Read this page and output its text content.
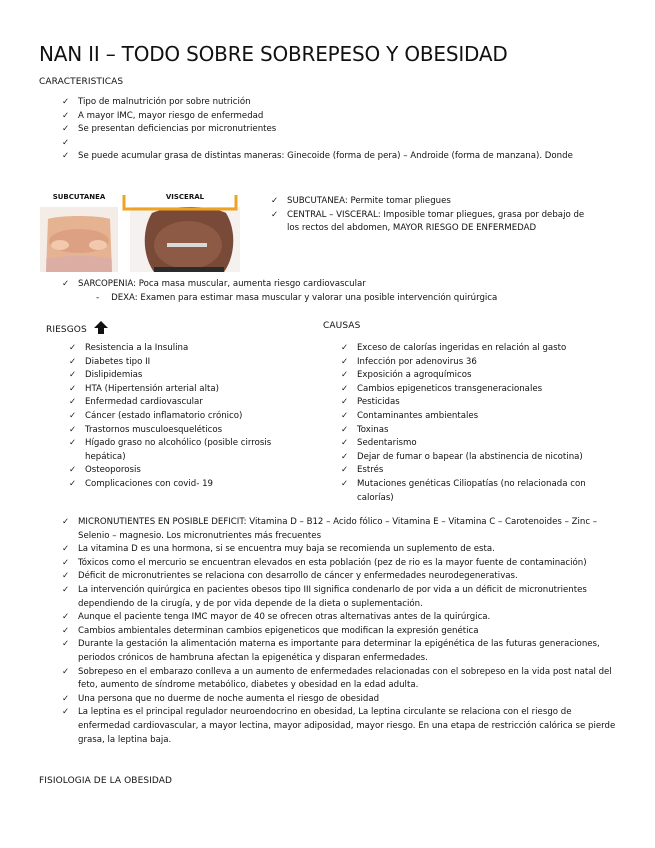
NAN II – TODO SOBRE SOBREPESO Y OBESIDAD
CARACTERISTICAS
✓ Tipo de malnutrición por sobre nutrición
✓ A mayor IMC, mayor riesgo de enfermedad
✓ Se presentan deficiencias por micronutrientes
✓
✓ Se puede acumular grasa de distintas maneras: Ginecoide (forma de pera) – Androide (forma de manzana). Donde
SUBCUTANEA	VISCERAL	✓ SUBCUTANEA: Permite tomar pliegues
✓ CENTRAL – VISCERAL: Imposible tomar pliegues, grasa por debajo de los rectos del abdomen, MAYOR RIESGO DE ENFERMEDAD
✓ SARCOPENIA: Poca masa muscular, aumenta riesgo cardiovascular
- DEXA: Examen para estimar masa muscular y valorar una posible intervención quirúrgica
RIESGOS	CAUSAS
✓ Resistencia a la Insulina
✓ Diabetes tipo II
✓ Dislipidemias
✓ HTA (Hipertensión arterial alta)
✓ Enfermedad cardiovascular
✓ Cáncer (estado inflamatorio crónico)
✓ Trastornos musculoesqueléticos
✓ Hígado graso no alcohólico (posible cirrosis hepática)
✓ Osteoporosis
✓ Complicaciones con covid- 19
✓ Exceso de calorías ingeridas en relación al gasto
✓ Infección por adenovirus 36
✓ Exposición a agroquímicos
✓ Cambios epigeneticos transgeneracionales
✓ Pesticidas
✓ Contaminantes ambientales
✓ Toxinas
✓ Sedentarismo
✓ Dejar de fumar o bapear (la abstinencia de nicotina)
✓ Estrés
✓ Mutaciones genéticas Ciliopatías (no relacionada con calorías)
✓ MICRONUTIENTES EN POSIBLE DEFICIT: Vitamina D – B12 – Acido fólico – Vitamina E – Vitamina C – Carotenoides – Zinc – Selenio – magnesio. Los micronutrientes más frecuentes
✓ La vitamina D es una hormona, si se encuentra muy baja se recomienda un suplemento de esta.
✓ Tóxicos como el mercurio se encuentran elevados en esta población (pez de rio es la mayor fuente de contaminación)
✓ Déficit de micronutrientes se relaciona con desarrollo de cáncer y enfermedades neurodegenerativas.
✓ La intervención quirúrgica en pacientes obesos tipo III significa condenarlo de por vida a un déficit de micronutrientes dependiendo de la cirugía, y de por vida depende de la dieta o suplementación.
✓ Aunque el paciente tenga IMC mayor de 40 se ofrecen otras alternativas antes de la quirúrgica.
✓ Cambios ambientales determinan cambios epigeneticos que modifican la expresión genética
✓ Durante la gestación la alimentación materna es importante para determinar la epigénética de las futuras generaciones, periodos crónicos de hambruna afectan la epigenética y disparan enfermedades.
✓ Sobrepeso en el embarazo conlleva a un aumento de enfermedades relacionadas con el sobrepeso en la vida post natal del feto, aumento de síndrome metabólico, diabetes y obesidad en la edad adulta.
✓ Una persona que no duerme de noche aumenta el riesgo de obesidad
✓ La leptina es el principal regulador neuroendocrino en obesidad, La leptina circulante se relaciona con el riesgo de enfermedad cardiovascular, a mayor lectina, mayor adiposidad, mayor riesgo. En una etapa de restricción calórica se pierde grasa, la leptina baja.
FISIOLOGIA DE LA OBESIDAD
